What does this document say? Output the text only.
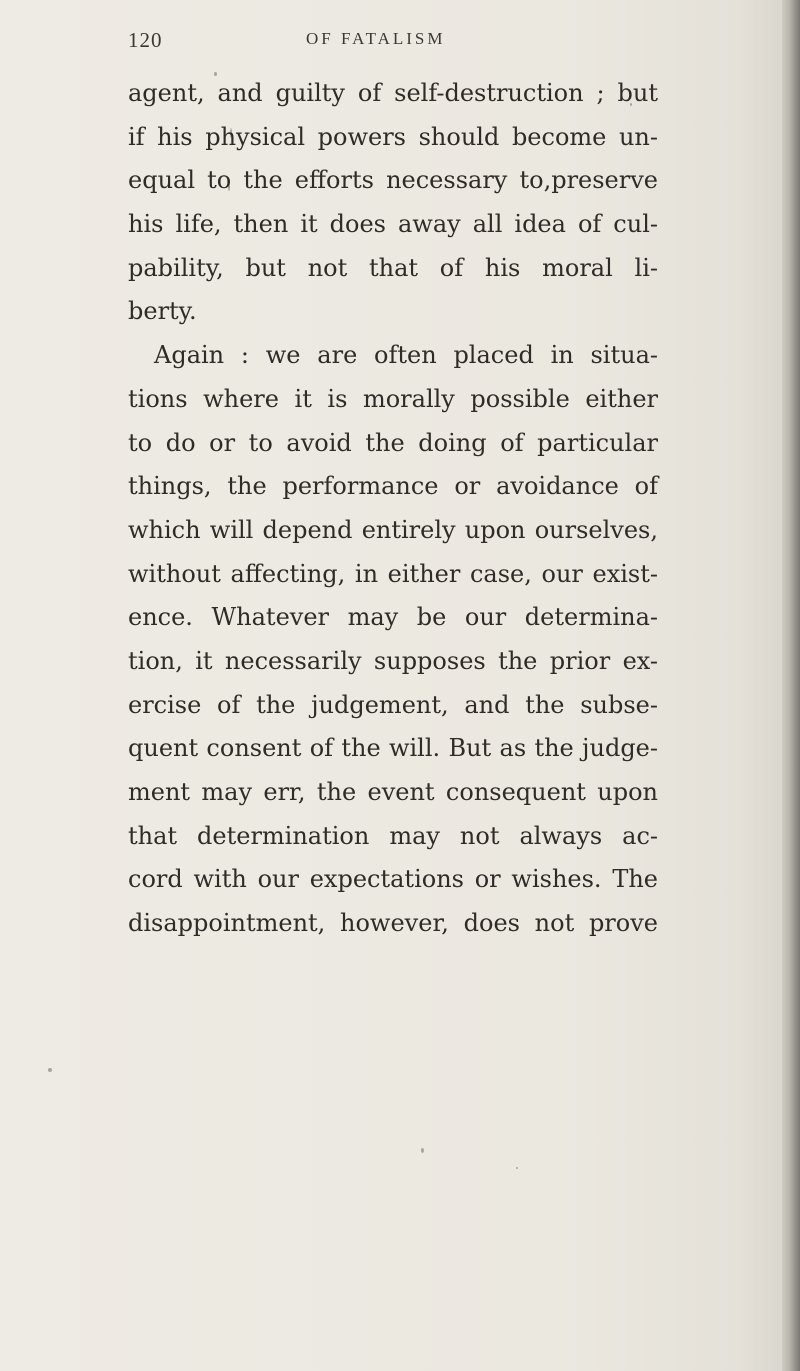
120	OF FATALISM
agent, and guilty of self-destruction ; but
if his physical powers should become un-
equal to the efforts necessary to,preserve
his life, then it does away all idea of cul-
pability, but not that of his moral li-
berty.
Again : we are often placed in situa-
tions where it is morally possible either
to do or to avoid the doing of particular
things, the performance or avoidance of
which will depend entirely upon ourselves,
without affecting, in either case, our exist-
ence. Whatever may be our determina-
tion, it necessarily supposes the prior ex-
ercise of the judgement, and the subse-
quent consent of the will. But as the judge-
ment may err, the event consequent upon
that determination may not always ac-
cord with our expectations or wishes. The
disappointment, however, does not prove
